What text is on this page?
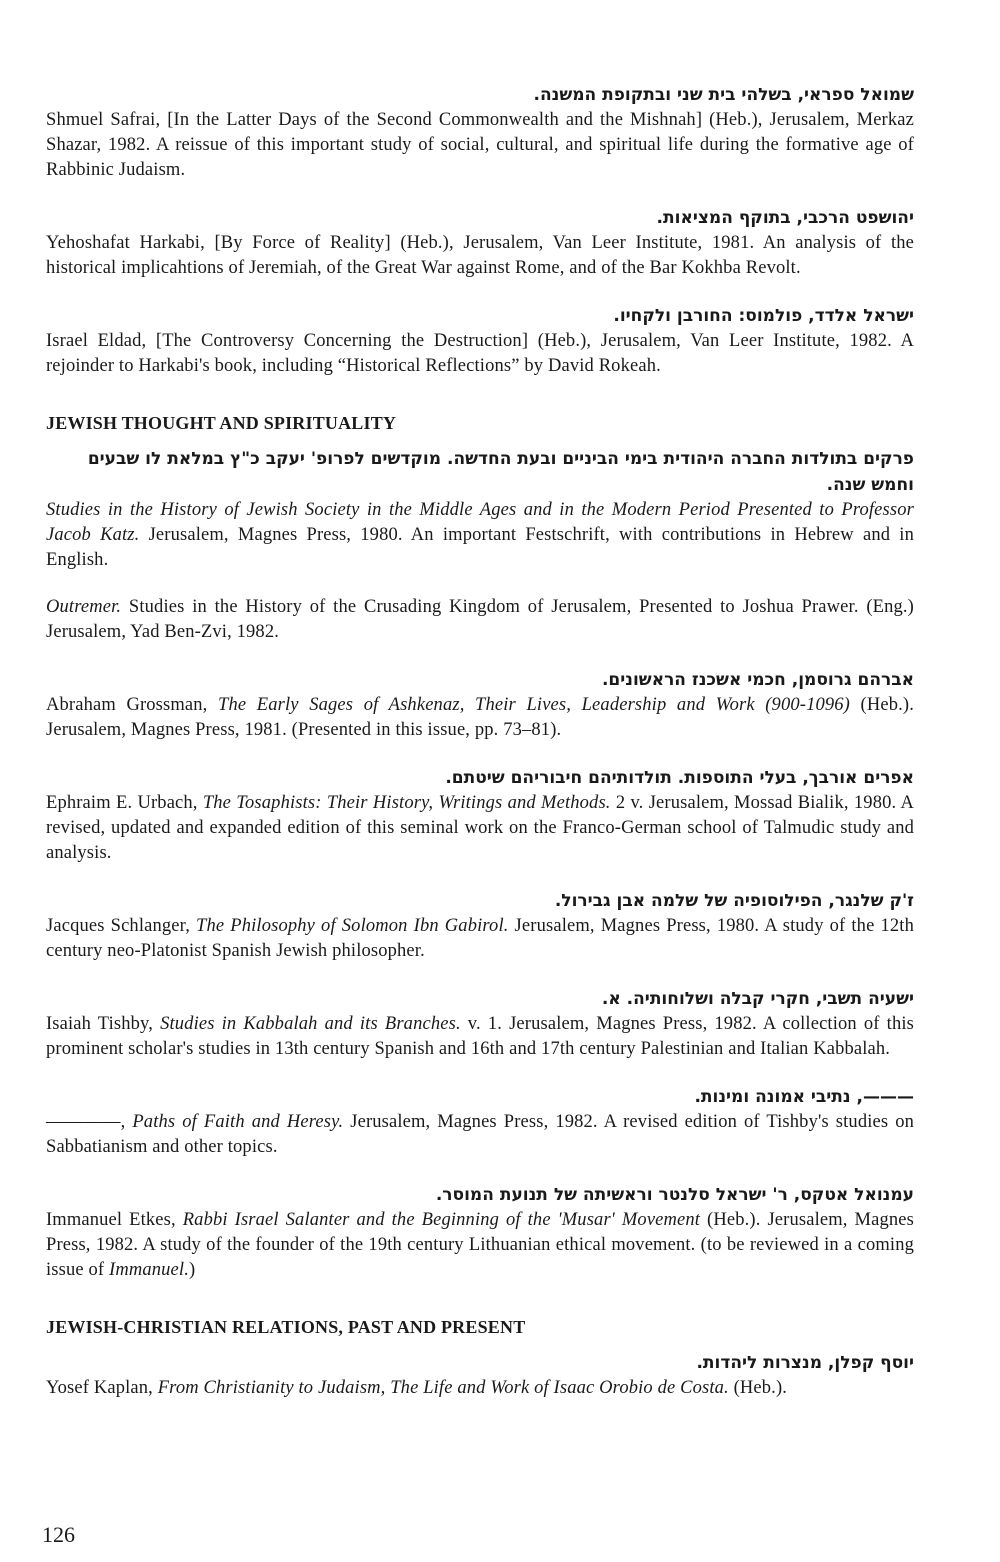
שמואל ספראי, בשלהי בית שני ובתקופת המשנה.
Shmuel Safrai, [In the Latter Days of the Second Commonwealth and the Mishnah] (Heb.), Jerusalem, Merkaz Shazar, 1982. A reissue of this important study of social, cultural, and spiritual life during the formative age of Rabbinic Judaism.
יהושפט הרכבי, בתוקף המציאות.
Yehoshafat Harkabi, [By Force of Reality] (Heb.), Jerusalem, Van Leer Institute, 1981. An analysis of the historical implicahtions of Jeremiah, of the Great War against Rome, and of the Bar Kokhba Revolt.
ישראל אלדד, פולמוס: החורבן ולקחיו.
Israel Eldad, [The Controversy Concerning the Destruction] (Heb.), Jerusalem, Van Leer Institute, 1982. A rejoinder to Harkabi's book, including “Historical Reflections” by David Rokeah.
JEWISH THOUGHT AND SPIRITUALITY
פרקים בתולדות החברה היהודית בימי הביניים ובעת החדשה. מוקדשים לפרופ' יעקב כ"ץ במלאת לו שבעים וחמש שנה.
Studies in the History of Jewish Society in the Middle Ages and in the Modern Period Presented to Professor Jacob Katz. Jerusalem, Magnes Press, 1980. An important Festschrift, with contributions in Hebrew and in English.
Outremer. Studies in the History of the Crusading Kingdom of Jerusalem, Presented to Joshua Prawer. (Eng.) Jerusalem, Yad Ben-Zvi, 1982.
אברהם גרוסמן, חכמי אשכנז הראשונים.
Abraham Grossman, The Early Sages of Ashkenaz, Their Lives, Leadership and Work (900-1096) (Heb.). Jerusalem, Magnes Press, 1981. (Presented in this issue, pp. 73–81).
אפרים אורבך, בעלי התוספות. תולדותיהם חיבוריהם שיטתם.
Ephraim E. Urbach, The Tosaphists: Their History, Writings and Methods. 2 v. Jerusalem, Mossad Bialik, 1980. A revised, updated and expanded edition of this seminal work on the Franco-German school of Talmudic study and analysis.
ז'ק שלנגר, הפילוסופיה של שלמה אבן גבירול.
Jacques Schlanger, The Philosophy of Solomon Ibn Gabirol. Jerusalem, Magnes Press, 1980. A study of the 12th century neo-Platonist Spanish Jewish philosopher.
ישעיה תשבי, חקרי קבלה ושלוחותיה. א.
Isaiah Tishby, Studies in Kabbalah and its Branches. v. 1. Jerusalem, Magnes Press, 1982. A collection of this prominent scholar's studies in 13th century Spanish and 16th and 17th century Palestinian and Italian Kabbalah.
———, נתיבי אמונה ומינות.
————, Paths of Faith and Heresy. Jerusalem, Magnes Press, 1982. A revised edition of Tishby's studies on Sabbatianism and other topics.
עמנואל אטקס, ר' ישראל סלנטר וראשיתה של תנועת המוסר.
Immanuel Etkes, Rabbi Israel Salanter and the Beginning of the 'Musar' Movement (Heb.). Jerusalem, Magnes Press, 1982. A study of the founder of the 19th century Lithuanian ethical movement. (to be reviewed in a coming issue of Immanuel.)
JEWISH-CHRISTIAN RELATIONS, PAST AND PRESENT
יוסף קפלן, מנצרות ליהדות.
Yosef Kaplan, From Christianity to Judaism, The Life and Work of Isaac Orobio de Costa. (Heb.).
126
